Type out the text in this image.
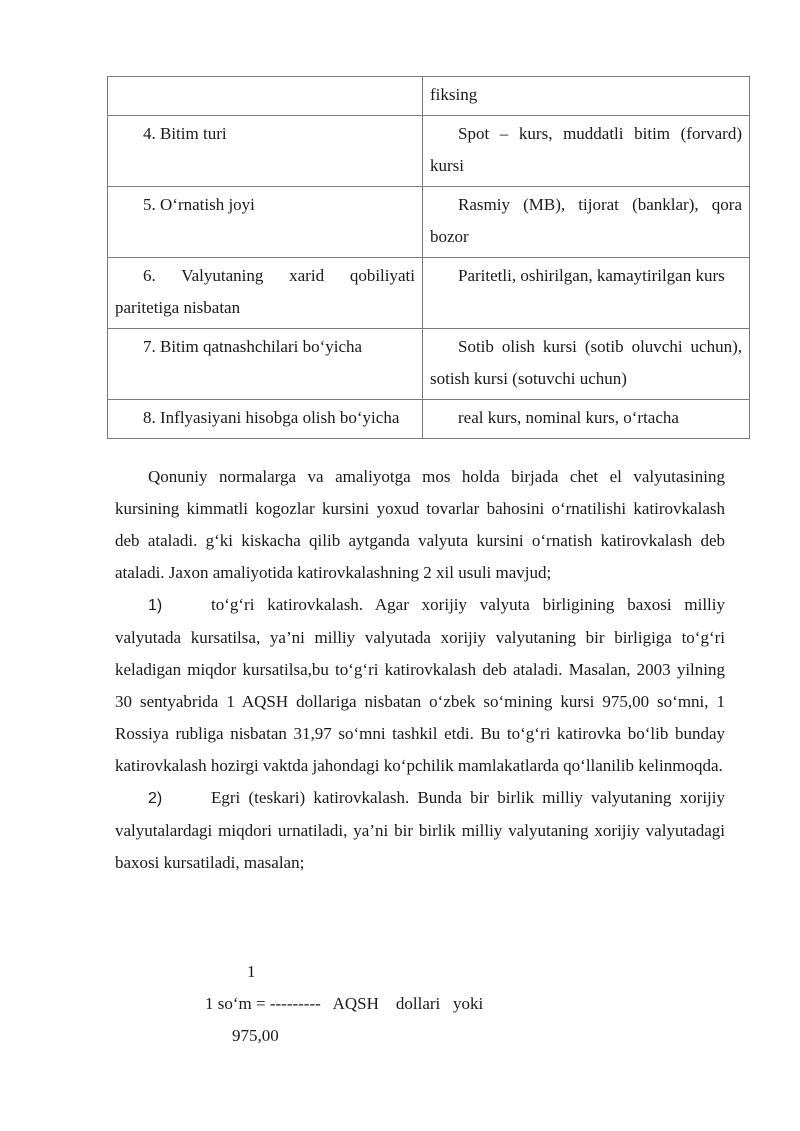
	fiksing
4. Bitim turi	Spot – kurs, muddatli bitim (forvard) kursi
5. O‘rnatish joyi	Rasmiy (MB), tijorat (banklar), qora bozor
6. Valyutaning xarid qobiliyati paritetiga nisbatan	Paritetli, oshirilgan, kamaytirilgan kurs
7. Bitim qatnashchilari bo‘yicha	Sotib olish kursi (sotib oluvchi uchun), sotish kursi (sotuvchi uchun)
8. Inflyasiyani hisobga olish bo‘yicha	real kurs, nominal kurs, o‘rtacha

Qonuniy normalarga va amaliyotga mos holda birjada chet el valyutasining kursining kimmatli kogozlar kursini yoxud tovarlar bahosini o‘rnatilishi katirovkalash deb ataladi. g‘ki kiskacha qilib aytganda valyuta kursini o‘rnatish katirovkalash deb ataladi. Jaxon amaliyotida katirovkalashning 2 xil usuli mavjud;

1)	to‘g‘ri katirovkalash. Agar xorijiy valyuta birligining baxosi milliy valyutada kursatilsa, ya’ni milliy valyutada xorijiy valyutaning bir birligiga to‘g‘ri keladigan miqdor kursatilsa,bu to‘g‘ri katirovkalash deb ataladi. Masalan, 2003 yilning 30 sentyabrida 1 AQSH dollariga nisbatan o‘zbek so‘mining kursi 975,00 so‘mni, 1 Rossiya rubliga nisbatan 31,97 so‘mni tashkil etdi. Bu to‘g‘ri katirovka bo‘lib bunday katirovkalash hozirgi vaktda jahondagi ko‘pchilik mamlakatlarda qo‘llanilib kelinmoqda.

2)	Egri (teskari) katirovkalash. Bunda bir birlik milliy valyutaning xorijiy valyutalardagi miqdori urnatiladi, ya’ni bir birlik milliy valyutaning xorijiy valyutadagi baxosi kursatiladi, masalan;

1
1 so‘m = ---------   AQSH    dollari   yoki
975,00
